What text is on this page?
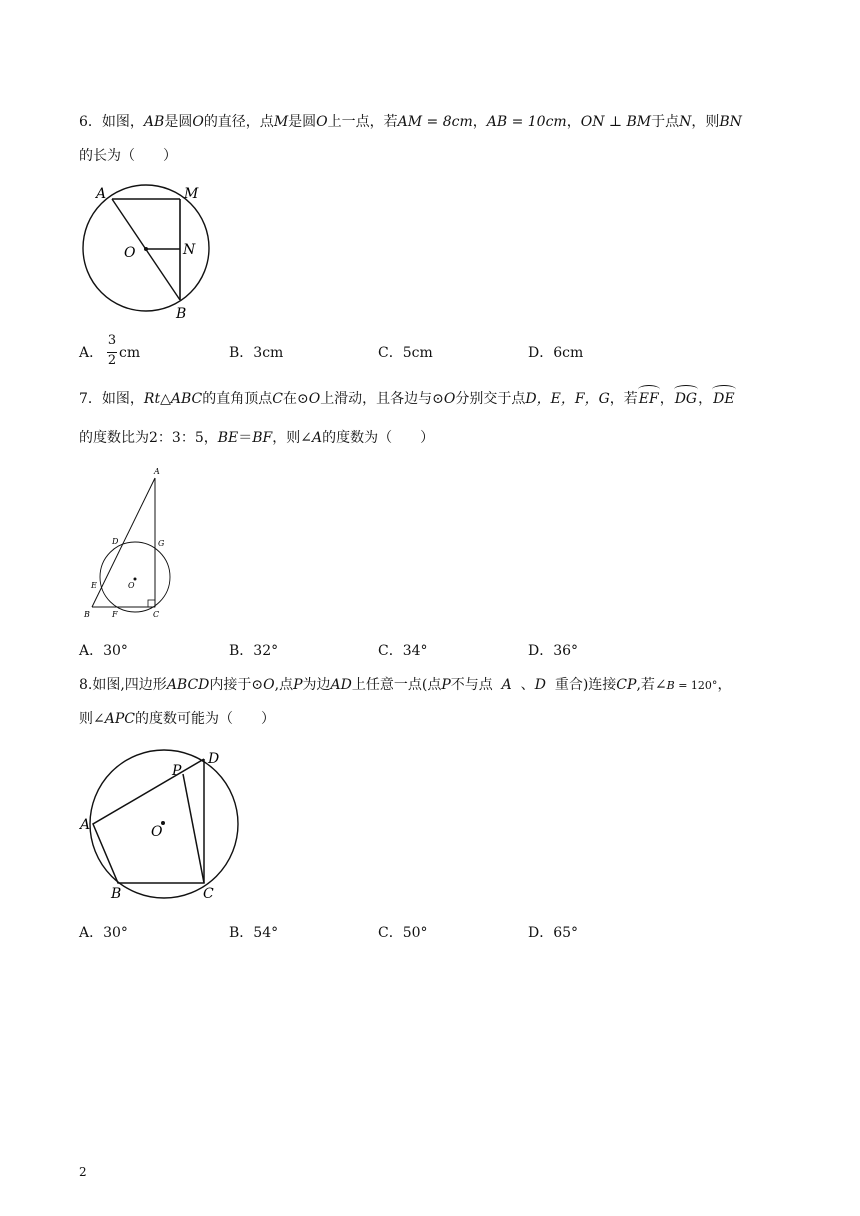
6．如图，AB是圆O的直径，点M是圆O上一点，若AM = 8cm，AB = 10cm，ON ⊥ BM于点N，则BN
的长为（　　）
A	M
O	N
B
A．
3
2 cm	B．3cm	C．5cm	D．6cm
7．如图，Rt△ABC的直角顶点C在⊙O上滑动，且各边与⊙O分别交于点D，E，F，G，若EF，DG，DE
的度数比为2：3：5，BE＝BF，则∠A的度数为（　　）
A
D	G
E	O
B	F	C
A．30°	B．32°	C．34°	D．36°
8.如图,四边形ABCD内接于⊙O,点P为边AD上任意一点(点P不与点  A  、D  重合)连接CP,若∠B = 120°，
则∠APC的度数可能为（　　）
P
D
A	O
B	C
A．30°	B．54°	C．50°	D．65°
2
